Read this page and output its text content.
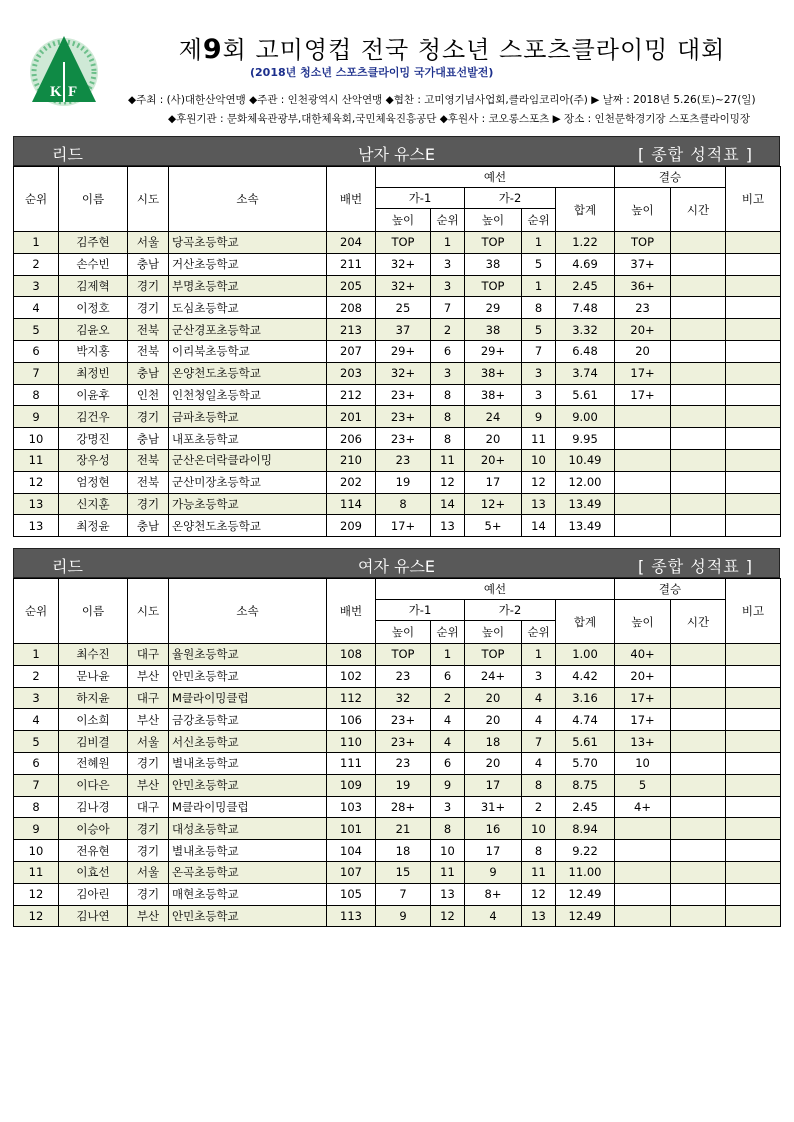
K F
제9회 고미영컵 전국 청소년 스포츠클라이밍 대회
(2018년 청소년 스포츠클라이밍 국가대표선발전)
◆주최 : (사)대한산악연맹 ◆주관 : 인천광역시 산악연맹 ◆협찬 : 고미영기념사업회,클라임코리아(주) ▶ 날짜 : 2018년 5.26(토)~27(일)
◆후원기관 : 문화체육관광부,대한체육회,국민체육진흥공단 ◆후원사 : 코오롱스포츠 ▶ 장소 : 인천문학경기장 스포츠클라이밍장
남자 유스E
리드	[ 종합 성적표 ]
순위	이름	시도	소속	배번	예선					결승		비고
					가-1		가-2		합계	높이	시간	
					높이	순위	높이	순위				
1	김주현	서울	당곡초등학교	204	TOP	1	TOP	1	1.22	TOP		
2	손수빈	충남	거산초등학교	211	32+	3	38	5	4.69	37+		
3	김제혁	경기	부명초등학교	205	32+	3	TOP	1	2.45	36+		
4	이정호	경기	도심초등학교	208	25	7	29	8	7.48	23		
5	김윤오	전북	군산경포초등학교	213	37	2	38	5	3.32	20+		
6	박지홍	전북	이리북초등학교	207	29+	6	29+	7	6.48	20		
7	최정빈	충남	온양천도초등학교	203	32+	3	38+	3	3.74	17+		
8	이윤후	인천	인천청일초등학교	212	23+	8	38+	3	5.61	17+		
9	김건우	경기	금파초등학교	201	23+	8	24	9	9.00			
10	강명진	충남	내포초등학교	206	23+	8	20	11	9.95			
11	장우성	전북	군산온더락클라이밍	210	23	11	20+	10	10.49			
12	엄정현	전북	군산미장초등학교	202	19	12	17	12	12.00			
13	신지훈	경기	가능초등학교	114	8	14	12+	13	13.49			
13	최정윤	충남	온양천도초등학교	209	17+	13	5+	14	13.49			
여자 유스E
리드	[ 종합 성적표 ]
순위	이름	시도	소속	배번	예선					결승		비고
					가-1		가-2		합계	높이	시간	
					높이	순위	높이	순위				
1	최수진	대구	율원초등학교	108	TOP	1	TOP	1	1.00	40+		
2	문나윤	부산	안민초등학교	102	23	6	24+	3	4.42	20+		
3	하지윤	대구	M클라이밍클럽	112	32	2	20	4	3.16	17+		
4	이소희	부산	금강초등학교	106	23+	4	20	4	4.74	17+		
5	김비결	서울	서신초등학교	110	23+	4	18	7	5.61	13+		
6	전혜원	경기	별내초등학교	111	23	6	20	4	5.70	10		
7	이다은	부산	안민초등학교	109	19	9	17	8	8.75	5		
8	김나경	대구	M클라이밍클럽	103	28+	3	31+	2	2.45	4+		
9	이승아	경기	대성초등학교	101	21	8	16	10	8.94			
10	전유현	경기	별내초등학교	104	18	10	17	8	9.22			
11	이효선	서울	온곡초등학교	107	15	11	9	11	11.00			
12	김아린	경기	매현초등학교	105	7	13	8+	12	12.49			
12	김나연	부산	안민초등학교	113	9	12	4	13	12.49			
